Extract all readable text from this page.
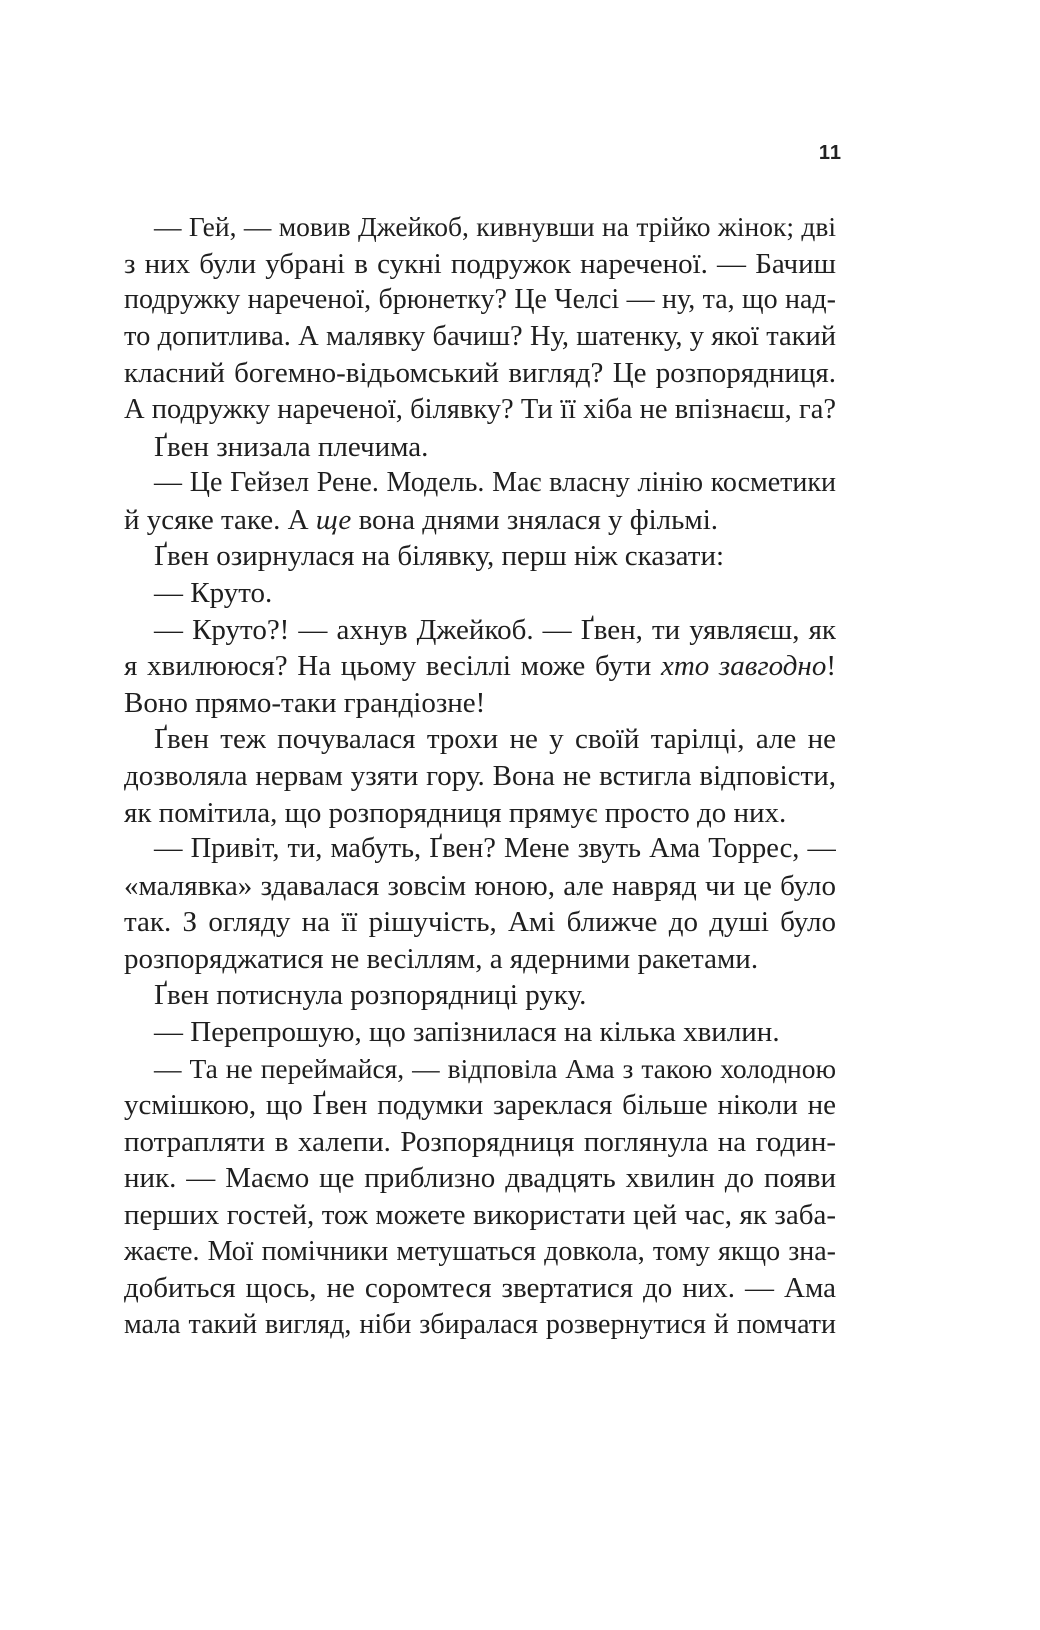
11
— Гей, — мовив Джейкоб, кивнувши на трійко жінок; дві
з них були убрані в сукні подружок нареченої. — Бачиш
подружку нареченої, брюнетку? Це Челсі — ну, та, що над-
то допитлива. А малявку бачиш? Ну, шатенку, у якої такий
класний богемно-відьомський вигляд? Це розпорядниця.
А подружку нареченої, білявку? Ти її хіба не впізнаєш, га?
Ґвен знизала плечима.
— Це Гейзел Рене. Модель. Має власну лінію косметики
й усяке таке. А ще вона днями знялася у фільмі.
Ґвен озирнулася на білявку, перш ніж сказати:
— Круто.
— Круто?! — ахнув Джейкоб. — Ґвен, ти уявляєш, як
я хвилююся? На цьому весіллі може бути хто завгодно!
Воно прямо-таки грандіозне!
Ґвен теж почувалася трохи не у своїй тарілці, але не
дозволяла нервам узяти гору. Вона не встигла відповісти,
як помітила, що розпорядниця прямує просто до них.
— Привіт, ти, мабуть, Ґвен? Мене звуть Ама Торрес, —
«малявка» здавалася зовсім юною, але навряд чи це було
так. З огляду на її рішучість, Амі ближче до душі було
розпоряджатися не весіллям, а ядерними ракетами.
Ґвен потиснула розпорядниці руку.
— Перепрошую, що запізнилася на кілька хвилин.
— Та не переймайся, — відповіла Ама з такою холодною
усмішкою, що Ґвен подумки зареклася більше ніколи не
потрапляти в халепи. Розпорядниця поглянула на годин-
ник. — Маємо ще приблизно двадцять хвилин до появи
перших гостей, тож можете використати цей час, як заба-
жаєте. Мої помічники метушаться довкола, тому якщо зна-
добиться щось, не соромтеся звертатися до них. — Ама
мала такий вигляд, ніби збиралася розвернутися й помчати
